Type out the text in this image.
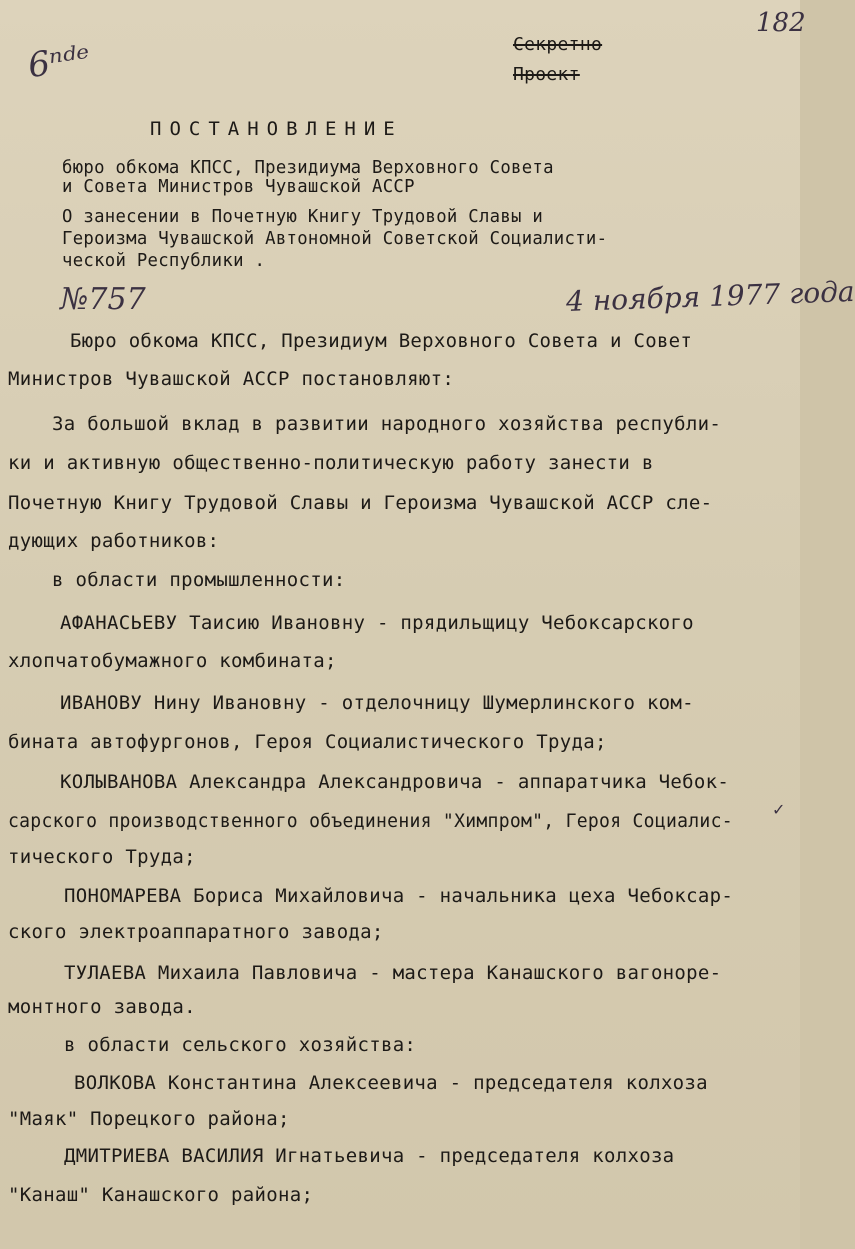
182
6ⁿᵈᵉ	Секретно
Проект
ПОСТАНОВЛЕНИЕ
бюро обкома КПСС, Президиума Верховного Совета
и Совета Министров Чувашской АССР
О занесении в Почетную Книгу Трудовой Славы и
Героизма Чувашской Автономной Советской Социалисти-
ческой Республики .
№757	4 ноября 1977 года
Бюро обкома КПСС, Президиум Верховного Совета и Совет
Министров Чувашской АССР постановляют:
За большой вклад в развитии народного хозяйства республи-
ки и активную общественно-политическую работу занести в
Почетную Книгу Трудовой Славы и Героизма Чувашской АССР сле-
дующих работников:
в области промышленности:
АФАНАСЬЕВУ Таисию Ивановну - прядильщицу Чебоксарского
хлопчатобумажного комбината;
ИВАНОВУ Нину Ивановну - отделочницу Шумерлинского ком-
бината автофургонов, Героя Социалистического Труда;
КОЛЫВАНОВА Александра Александровича - аппаратчика Чебок-
сарского производственного объединения "Химпром", Героя Социалис-
тического Труда;
ПОНОМАРЕВА Бориса Михайловича - начальника цеха Чебоксар-
ского электроаппаратного завода;
ТУЛАЕВА Михаила Павловича - мастера Канашского вагоноре-
монтного завода.
в области сельского хозяйства:
ВОЛКОВА Константина Алексеевича - председателя колхоза
"Маяк" Порецкого района;
ДМИТРИЕВА ВАСИЛИЯ Игнатьевича - председателя колхоза
"Канаш" Канашского района;
✓
